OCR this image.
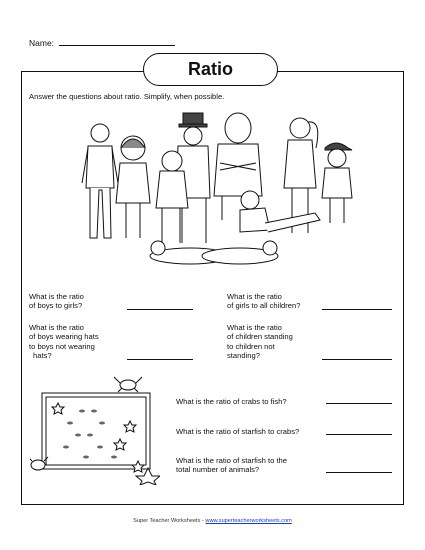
Name:
Ratio
Answer the questions about ratio. Simplify, when possible.
What is the ratio
of boys to girls?
What is the ratio
of girls to all children?
What is the ratio
of boys wearing hats
to boys not wearing
hats?
What is the ratio
of children standing
to children not
standing?
What is the ratio of crabs to fish?
What is the ratio of starfish to crabs?
What is the ratio of starfish to the
total number of animals?
Super Teacher Worksheets - www.superteacherworksheets.com
